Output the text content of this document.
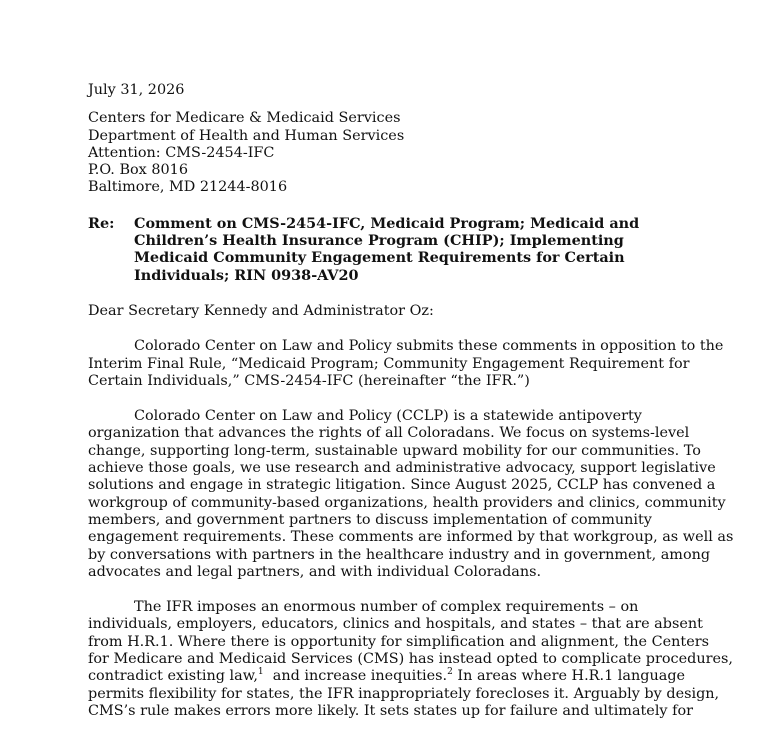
July 31, 2026
Centers for Medicare & Medicaid Services
Department of Health and Human Services
Attention: CMS-2454-IFC
P.O. Box 8016
Baltimore, MD 21244-8016
Re:	Comment on CMS-2454-IFC, Medicaid Program; Medicaid and
Children’s Health Insurance Program (CHIP); Implementing
Medicaid Community Engagement Requirements for Certain
Individuals; RIN 0938-AV20
Dear Secretary Kennedy and Administrator Oz:
Colorado Center on Law and Policy submits these comments in opposition to the
Interim Final Rule, “Medicaid Program; Community Engagement Requirement for
Certain Individuals,” CMS-2454-IFC (hereinafter “the IFR.”)
Colorado Center on Law and Policy (CCLP) is a statewide antipoverty
organization that advances the rights of all Coloradans. We focus on systems-level
change, supporting long-term, sustainable upward mobility for our communities. To
achieve those goals, we use research and administrative advocacy, support legislative
solutions and engage in strategic litigation. Since August 2025, CCLP has convened a
workgroup of community-based organizations, health providers and clinics, community
members, and government partners to discuss implementation of community
engagement requirements. These comments are informed by that workgroup, as well as
by conversations with partners in the healthcare industry and in government, among
advocates and legal partners, and with individual Coloradans.
The IFR imposes an enormous number of complex requirements – on
individuals, employers, educators, clinics and hospitals, and states – that are absent
from H.R.1. Where there is opportunity for simplification and alignment, the Centers
for Medicare and Medicaid Services (CMS) has instead opted to complicate procedures,
contradict existing law,$^1$  and increase inequities.$^2$ In areas where H.R.1 language
permits flexibility for states, the IFR inappropriately forecloses it. Arguably by design,
CMS’s rule makes errors more likely. It sets states up for failure and ultimately for
